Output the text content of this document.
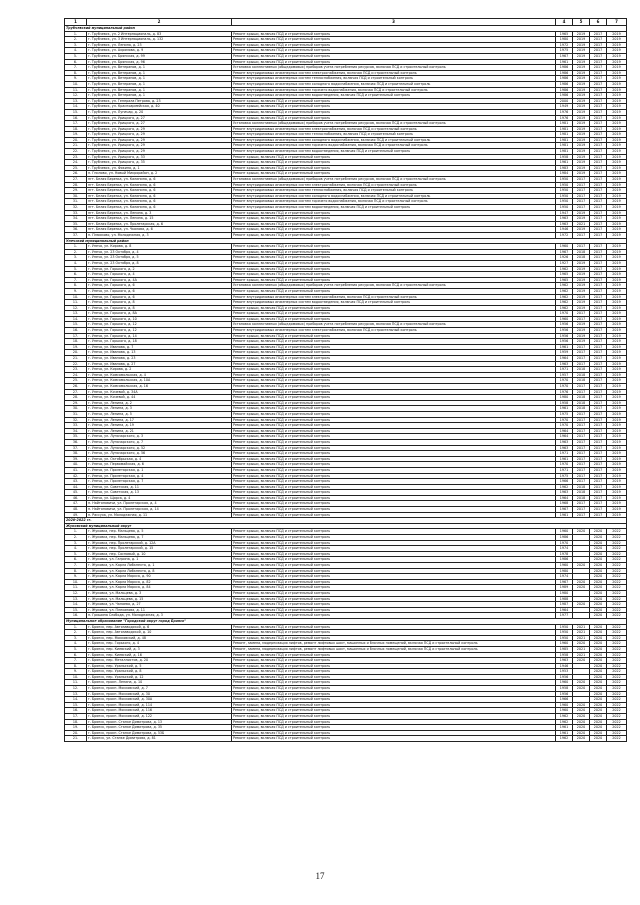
1	2	3	4	5	6	7
Трубчевский муниципальный район						
1.	г. Трубчевск, ул. 2 Интернациональ, д. 83	Ремонт крыши, включая ПСД и строительный контроль	1965	2019	2017	2019
2.	г. Трубчевск, ул. 3 Интернациональ, д. 132	Ремонт крыши, включая ПСД и строительный контроль	1980	2019	2017	2019
3.	г. Трубчевск, ул. Ленина, д. 23	Ремонт крыши, включая ПСД и строительный контроль	1972	2019	2017	2019
4.	г. Трубчевск, ул. Ахромова, д. 9	Ремонт крыши, включая ПСД и строительный контроль	1975	2019	2017	2019
5.	г. Трубчевск, ул. Брянская, д. 99	Ремонт крыши, включая ПСД и строительный контроль	1967	2019	2017	2019
6.	г. Трубчевск, ул. Брянская, д. 96	Ремонт крыши, включая ПСД и строительный контроль	1961	2019	2017	2019
7.	г. Трубчевск, ул. Ветеранов, д. 1	Установка коллективных (общедомовых) приборов учета потребления ресурсов, включая ПСД и строительный контроль	1986	2019	2017	2019
8.	г. Трубчевск, ул. Ветеранов, д. 1	Ремонт внутридомовых инженерных систем электроснабжения, включая ПСД и строительный контроль	1986	2019	2017	2019
9.	г. Трубчевск, ул. Ветеранов, д. 1	Ремонт внутридомовых инженерных систем теплоснабжения, включая ПСД и строительный контроль	1986	2019	2017	2019
10.	г. Трубчевск, ул. Ветеранов, д. 1	Ремонт внутридомовых инженерных систем холодного водоснабжения, включая ПСД и строительный контроль	1986	2019	2017	2019
11.	г. Трубчевск, ул. Ветеранов, д. 1	Ремонт внутридомовых инженерных систем горячего водоснабжения, включая ПСД и строительный контроль	1986	2019	2017	2019
12.	г. Трубчевск, ул. Ветеранов, д. 1	Ремонт внутридомовых инженерных систем водоотведения, включая ПСД и строительный контроль	1986	2019	2017	2019
13.	г. Трубчевск, ул. Генерала Петрова, д. 23	Ремонт крыши, включая ПСД и строительный контроль	2000	2019	2017	2019
14.	г. Трубчевск, ул. Красноармейская, д. 40	Ремонт крыши, включая ПСД и строительный контроль	1949	2019	2017	2019
15.	г. Трубчевск, ул. Луначар, д. 20	Ремонт крыши, включая ПСД и строительный контроль	1976	2019	2017	2019
16.	г. Трубчевск, ул. Урицкого, д. 27	Ремонт крыши, включая ПСД и строительный контроль	1976	2019	2017	2019
17.	г. Трубчевск, ул. Урицкого, д. 27	Установка коллективных (общедомовых) приборов учета потребления ресурсов, включая ПСД и строительный контроль	1981	2019	2017	2019
18.	г. Трубчевск, ул. Урицкого, д. 29	Ремонт внутридомовых инженерных систем электроснабжения, включая ПСД и строительный контроль	1981	2019	2017	2019
19.	г. Трубчевск, ул. Урицкого, д. 29	Ремонт внутридомовых инженерных систем теплоснабжения, включая ПСД и строительный контроль	1981	2019	2017	2019
20.	г. Трубчевск, ул. Урицкого, д. 29	Ремонт внутридомовых инженерных систем холодного водоснабжения, включая ПСД и строительный контроль	1981	2019	2017	2019
21.	г. Трубчевск, ул. Урицкого, д. 29	Ремонт внутридомовых инженерных систем горячего водоснабжения, включая ПСД и строительный контроль	1981	2019	2017	2019
22.	г. Трубчевск, ул. Урицкого, д. 29	Ремонт внутридомовых инженерных систем водоотведения, включая ПСД и строительный контроль	1981	2019	2017	2019
23.	г. Трубчевск, ул. Урицкого, д. 33	Ремонт крыши, включая ПСД и строительный контроль	1958	2019	2017	2019
24.	г. Трубчевск, ул. Урицкого, д. 35	Ремонт крыши, включая ПСД и строительный контроль	1961	2019	2017	2019
25.	г. Трубчевск, ул. Фокина, д. 1	Ремонт крыши, включая ПСД и строительный контроль	1983	2019	2017	2019
26.	п. Гнилово, ул. Новый Микрорайон, д. 2	Ремонт крыши, включая ПСД и строительный контроль	1984	2019	2017	2019
27.	пгт. Белая Березка, ул. Калинина, д. 6	Установка коллективных (общедомовых) приборов учета потребления ресурсов, включая ПСД и строительный контроль	1950	2017	2017	2019
28.	пгт. Белая Березка, ул. Калинина, д. 6	Ремонт внутридомовых инженерных систем электроснабжения, включая ПСД и строительный контроль	1950	2017	2017	2019
29.	пгт. Белая Березка, ул. Калинина, д. 6	Ремонт внутридомовых инженерных систем теплоснабжения, включая ПСД и строительный контроль	1950	2017	2017	2019
30.	пгт. Белая Березка, ул. Калинина, д. 6	Ремонт внутридомовых инженерных систем холодного водоснабжения, включая ПСД и строительный контроль	1950	2017	2017	2019
31.	пгт. Белая Березка, ул. Калинина, д. 6	Ремонт внутридомовых инженерных систем горячего водоснабжения, включая ПСД и строительный контроль	1950	2017	2017	2019
32.	пгт. Белая Березка, ул. Калинина, д. 6	Ремонт внутридомовых инженерных систем водоотведения, включая ПСД и строительный контроль	1950	2017	2017	2019
33.	пгт. Белая Березка, ул. Ленина, д. 3	Ремонт крыши, включая ПСД и строительный контроль	1947	2019	2017	2019
34.	пгт. Белая Березка, ул. Ленина, д. 15	Ремонт крыши, включая ПСД и строительный контроль	1963	2019	2017	2019
35.	пгт. Белая Березка, ул. Пролетарская, д. 6	Ремонт крыши, включая ПСД и строительный контроль	1963	2021	2017	2019
36.	пгт. Белая Березка, ул. Чкалова, д. 6	Ремонт крыши, включая ПСД и строительный контроль	1946	2019	2017	2019
37.	п. Плюсково, ул. Молодежная, д. 3	Ремонт крыши, включая ПСД и строительный контроль	1972	2017	2017	2019
Унечский муниципальный район						
1.	г. Унеча, ул. Кирова, д. 8	Ремонт крыши, включая ПСД и строительный контроль	1960	2017	2017	2019
2.	г. Унеча, ул. 23 Октября, д. 4	Ремонт крыши, включая ПСД и строительный контроль	1967	2018	2017	2019
3.	г. Унеча, ул. 23 Октября, д. 5	Ремонт крыши, включая ПСД и строительный контроль	1926	2018	2017	2019
4.	г. Унеча, ул. 23 Октября, д. 8	Ремонт крыши, включая ПСД и строительный контроль	1927	2019	2017	2019
5.	г. Унеча, ул. Горького, д. 2	Ремонт крыши, включая ПСД и строительный контроль	1962	2019	2017	2019
6.	г. Унеча, ул. Горького, д. 4	Ремонт крыши, включая ПСД и строительный контроль	1965	2019	2017	2019
7.	г. Унеча, ул. Горького, д. 4А	Ремонт крыши, включая ПСД и строительный контроль	1965	2019	2017	2019
8.	г. Унеча, ул. Горького, д. 6	Установка коллективных (общедомовых) приборов учета потребления ресурсов, включая ПСД и строительный контроль	1962	2019	2017	2019
9.	г. Унеча, ул. Горького, д. 6	Ремонт крыши, включая ПСД и строительный контроль	1962	2019	2017	2019
10.	г. Унеча, ул. Горького, д. 6	Ремонт внутридомовых инженерных систем электроснабжения, включая ПСД и строительный контроль	1962	2019	2017	2019
11.	г. Унеча, ул. Горького, д. 8	Ремонт внутридомовых инженерных систем водоотведения, включая ПСД и строительный контроль	1962	2019	2017	2019
12.	г. Унеча, ул. Горького, д. 8	Ремонт крыши, включая ПСД и строительный контроль	1962	2019	2017	2019
13.	г. Унеча, ул. Горького, д. 8А	Ремонт крыши, включая ПСД и строительный контроль	1970	2017	2017	2019
14.	г. Унеча, ул. Горького, д. 10	Ремонт крыши, включая ПСД и строительный контроль	1960	2017	2017	2019
15.	г. Унеча, ул. Горького, д. 12	Установка коллективных (общедомовых) приборов учета потребления ресурсов, включая ПСД и строительный контроль	1956	2019	2017	2019
16.	г. Унеча, ул. Горького, д. 12	Ремонт внутридомовых инженерных систем электроснабжения, включая ПСД и строительный контроль	1956	2019	2017	2019
17.	г. Унеча, ул. Горького, д. 14	Ремонт крыши, включая ПСД и строительный контроль	1956	2019	2017	2019
18.	г. Унеча, ул. Горького, д. 18	Ремонт крыши, включая ПСД и строительный контроль	1956	2019	2017	2019
19.	г. Унеча, ул. Иванова, д. 7	Ремонт крыши, включая ПСД и строительный контроль	1961	2017	2017	2019
20.	г. Унеча, ул. Иванова, д. 13	Ремонт крыши, включая ПСД и строительный контроль	1959	2017	2017	2019
21.	г. Унеча, ул. Иванова, д. 23	Ремонт крыши, включая ПСД и строительный контроль	1964	2017	2017	2019
22.	г. Унеча, ул. Иванова, д. 27	Ремонт крыши, включая ПСД и строительный контроль	1963	2017	2017	2019
23.	г. Унеча, ул. Кирова, д. 2	Ремонт крыши, включая ПСД и строительный контроль	1971	2018	2017	2019
24.	г. Унеча, ул. Комсомольская, д. 4	Ремонт крыши, включая ПСД и строительный контроль	1957	2018	2017	2019
25.	г. Унеча, ул. Комсомольская, д. 10А	Ремонт крыши, включая ПСД и строительный контроль	1970	2018	2017	2019
26.	г. Унеча, ул. Комсомольская, д. 16	Ремонт крыши, включая ПСД и строительный контроль	1970	2017	2017	2019
27.	г. Унеча, ул. Кочевой, д. 34А	Ремонт крыши, включая ПСД и строительный контроль	1976	2017	2017	2019
28.	г. Унеча, ул. Кочевой, д. 44	Ремонт крыши, включая ПСД и строительный контроль	1980	2018	2017	2019
29.	г. Унеча, ул. Ленина, д. 2	Ремонт крыши, включая ПСД и строительный контроль	1958	2018	2017	2019
30.	г. Унеча, ул. Ленина, д. 3	Ремонт крыши, включая ПСД и строительный контроль	1961	2018	2017	2019
31.	г. Унеча, ул. Ленина, д. 5	Ремонт крыши, включая ПСД и строительный контроль	1975	2017	2017	2019
32.	г. Унеча, ул. Ленина, д. 17	Ремонт крыши, включая ПСД и строительный контроль	1970	2017	2017	2019
33.	г. Унеча, ул. Ленина, д. 19	Ремонт крыши, включая ПСД и строительный контроль	1970	2017	2017	2019
34.	г. Унеча, ул. Ленина, д. 21	Ремонт крыши, включая ПСД и строительный контроль	1964	2017	2017	2019
35.	г. Унеча, ул. Луначарского, д. 3	Ремонт крыши, включая ПСД и строительный контроль	1964	2017	2017	2019
36.	г. Унеча, ул. Луначарского, д. 7	Ремонт крыши, включая ПСД и строительный контроль	1963	2017	2017	2019
37.	г. Унеча, ул. Луначарского, д. 52	Ремонт крыши, включая ПСД и строительный контроль	1963	2017	2017	2019
38.	г. Унеча, ул. Луначарского, д. 56	Ремонт крыши, включая ПСД и строительный контроль	1971	2017	2017	2019
39.	г. Унеча, ул. Октябрьская, д. 4	Ремонт крыши, включая ПСД и строительный контроль	1961	2017	2017	2019
40.	г. Унеча, ул. Первомайская, д. 6	Ремонт крыши, включая ПСД и строительный контроль	1970	2017	2017	2019
41.	г. Унеча, ул. Пролетарская, д. 1	Ремонт крыши, включая ПСД и строительный контроль	1971	2017	2017	2019
42.	г. Унеча, ул. Пролетарская, д. 4	Ремонт крыши, включая ПСД и строительный контроль	1975	2017	2017	2019
43.	г. Унеча, ул. Пролетарская, д. 7	Ремонт крыши, включая ПСД и строительный контроль	1966	2017	2017	2019
44.	г. Унеча, ул. Советская, д. 11	Ремонт крыши, включая ПСД и строительный контроль	1962	2018	2017	2019
45.	г. Унеча, ул. Советская, д. 13	Ремонт крыши, включая ПСД и строительный контроль	1963	2018	2017	2019
46.	г. Унеча, ул. Щорса, д. 4	Ремонт крыши, включая ПСД и строительный контроль	1964	2018	2017	2019
47.	п. Найтоповичи, ул. Пролетарская, д. 4	Ремонт крыши, включая ПСД и строительный контроль	1968	2017	2017	2019
48.	п. Найтоповичи, ул. Пролетарская, д. 14	Ремонт крыши, включая ПСД и строительный контроль	1967	2017	2017	2019
49.	п. Рассуха, ул. Молодежная, д. 11	Ремонт крыши, включая ПСД и строительный контроль	1961	2017	2017	2019
2020-2022 гг.						
Жуковский муниципальный округ						
1.	г. Жуковка, пер. Мальцева, д. 5	Ремонт крыши, включая ПСД и строительный контроль	1960	2020	2020	2022
2.	г. Жуковка, пер. Мальцева, д. 7	Ремонт крыши, включая ПСД и строительный контроль	1986		2020	2022
3.	г. Жуковка, пер. Пролетарский, д. 12А	Ремонт крыши, включая ПСД и строительный контроль	1970		2020	2022
4.	г. Жуковка, пер. Пролетарский, д. 15	Ремонт крыши, включая ПСД и строительный контроль	1974		2020	2022
5.	г. Жуковка, пер. Сосновый, д. 10	Ремонт крыши, включая ПСД и строительный контроль	1978		2020	2022
6.	г. Жуковка, ул. Гагрина, д. 1	Ремонт крыши, включая ПСД и строительный контроль	1986		2020	2022
7.	г. Жуковка, ул. Карла Либкнехта, д. 1	Ремонт крыши, включая ПСД и строительный контроль	1960	2020	2020	2022
8.	г. Жуковка, ул. Карла Либкнехта, д. 8	Ремонт крыши, включая ПСД и строительный контроль	1980		2020	2022
9.	г. Жуковка, ул. Карла Маркса, д. 90	Ремонт крыши, включая ПСД и строительный контроль	1974		2020	2022
10.	г. Жуковка, ул. Карла Маркса, д. 82	Ремонт крыши, включая ПСД и строительный контроль	1967	2020	2020	2022
11.	г. Жуковка, ул. Карла Маркса, д. 84	Ремонт крыши, включая ПСД и строительный контроль	1989	2020	2020	2022
12.	г. Жуковка, ул. Мальцева, д. 3	Ремонт крыши, включая ПСД и строительный контроль	1980		2020	2022
13.	г. Жуковка, ул. Мальцева, д. 15	Ремонт крыши, включая ПСД и строительный контроль	1988		2020	2022
14.	г. Жуковка, ул. Чапаева, д. 27	Ремонт крыши, включая ПСД и строительный контроль	1987	2020	2020	2022
15.	г. Жуковка, ул. Плеханова, д. 11	Ремонт крыши, включая ПСД и строительный контроль	1964		2020	2022
16.	п. Гришина Слобода, ул. Молодежная, д. 3	Ремонт крыши, включая ПСД и строительный контроль	1977		2020	2022
Муниципальное образование "Городской округ город Брянск"						
1.	г. Брянск, пер. Автозаводской, д. 6	Ремонт крыши, включая ПСД и строительный контроль	1950	2021	2020	2022
2.	г. Брянск, пер. Автозаводской, д. 10	Ремонт крыши, включая ПСД и строительный контроль	1950	2021	2020	2022
3.	г. Брянск, пер. Московский, д. 48	Ремонт крыши, включая ПСД и строительный контроль	1950	2021	2020	2022
4.	г. Брянск, пер. Горького, д. 4	Ремонт, замена, модернизация лифтов, ремонт лифтовых шахт, машинных и блочных помещений, включая ПСД и строительный контроль	1960	2020	2020	2022
5.	г. Брянск, пер. Киевский, д. 3	Ремонт, замена, модернизация лифтов, ремонт лифтовых шахт, машинных и блочных помещений, включая ПСД и строительный контроль	1985	2021	2020	2022
6.	г. Брянск, пер. Киевский, д. 16	Ремонт крыши, включая ПСД и строительный контроль	1958	2021	2020	2022
7.	г. Брянск, пер. Металлистов, д. 20	Ремонт крыши, включая ПСД и строительный контроль	1963	2020	2020	2022
8.	г. Брянск, пер. Уральский, д. 5	Ремонт крыши, включая ПСД и строительный контроль	1946		2020	2022
9.	г. Брянск, пер. Уральский, д. 8	Ремонт крыши, включая ПСД и строительный контроль	1953		2020	2022
10.	г. Брянск, пер. Уральский, д. 12	Ремонт крыши, включая ПСД и строительный контроль	1956		2020	2022
11.	г. Брянск, просп. Ленина, д. 10	Ремонт крыши, включая ПСД и строительный контроль	1960	2020	2020	2022
12.	г. Брянск, просп. Московский, д. 7	Ремонт крыши, включая ПСД и строительный контроль	1958	2020	2020	2022
13.	г. Брянск, просп. Московский, д. 30	Ремонт крыши, включая ПСД и строительный контроль	1956		2020	2022
14.	г. Брянск, просп. Московский, д. 30А	Ремонт крыши, включая ПСД и строительный контроль	1966		2020	2022
15.	г. Брянск, просп. Московский, д. 114	Ремонт крыши, включая ПСД и строительный контроль	1960	2020	2020	2022
16.	г. Брянск, просп. Московский, д. 116	Ремонт крыши, включая ПСД и строительный контроль	1960	2020	2020	2022
17.	г. Брянск, просп. Московский, д. 122	Ремонт крыши, включая ПСД и строительный контроль	1962	2020	2020	2022
18.	г. Брянск, просп. Станке Димитрова, д. 13	Ремонт крыши, включая ПСД и строительный контроль	1962	2020	2020	2022
19.	г. Брянск, просп. Станке Димитрова, д. 35	Ремонт крыши, включая ПСД и строительный контроль	1961	2020	2020	2022
20.	г. Брянск, просп. Станке Димитрова, д. 53Б	Ремонт крыши, включая ПСД и строительный контроль	1961	2020	2020	2022
21.	г. Брянск, ул. Станке Димитрова, д. 81	Ремонт крыши, включая ПСД и строительный контроль	1962	2020	2020	2022
17
